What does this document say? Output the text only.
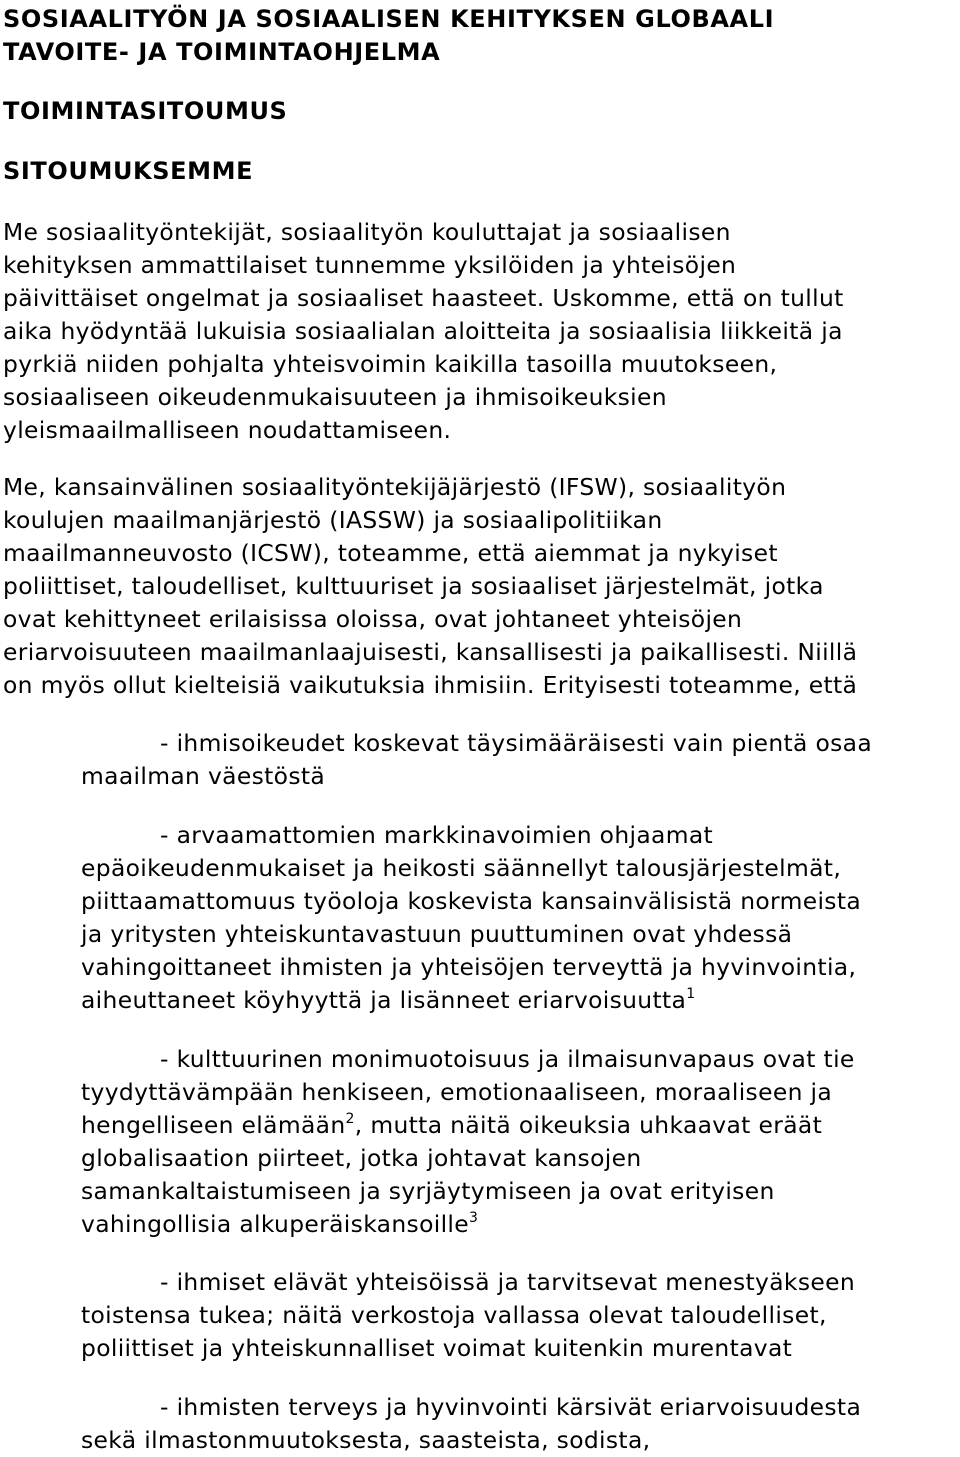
SOSIAALITYÖN JA SOSIAALISEN KEHITYKSEN GLOBAALI
TAVOITE- JA TOIMINTAOHJELMA
TOIMINTASITOUMUS
SITOUMUKSEMME
Me sosiaalityöntekijät, sosiaalityön kouluttajat ja sosiaalisen
kehityksen ammattilaiset tunnemme yksilöiden ja yhteisöjen
päivittäiset ongelmat ja sosiaaliset haasteet. Uskomme, että on tullut
aika hyödyntää lukuisia sosiaalialan aloitteita ja sosiaalisia liikkeitä ja
pyrkiä niiden pohjalta yhteisvoimin kaikilla tasoilla muutokseen,
sosiaaliseen oikeudenmukaisuuteen ja ihmisoikeuksien
yleismaailmalliseen noudattamiseen.
Me, kansainvälinen sosiaalityöntekijäjärjestö (IFSW), sosiaalityön
koulujen maailmanjärjestö (IASSW) ja sosiaalipolitiikan
maailmanneuvosto (ICSW), toteamme, että aiemmat ja nykyiset
poliittiset, taloudelliset, kulttuuriset ja sosiaaliset järjestelmät, jotka
ovat kehittyneet erilaisissa oloissa, ovat johtaneet yhteisöjen
eriarvoisuuteen maailmanlaajuisesti, kansallisesti ja paikallisesti. Niillä
on myös ollut kielteisiä vaikutuksia ihmisiin. Erityisesti toteamme, että
- ihmisoikeudet koskevat täysimääräisesti vain pientä osaa
maailman väestöstä
- arvaamattomien markkinavoimien ohjaamat
epäoikeudenmukaiset ja heikosti säännellyt talousjärjestelmät,
piittaamattomuus työoloja koskevista kansainvälisistä normeista
ja yritysten yhteiskuntavastuun puuttuminen ovat yhdessä
vahingoittaneet ihmisten ja yhteisöjen terveyttä ja hyvinvointia,
aiheuttaneet köyhyyttä ja lisänneet eriarvoisuutta$^1$
- kulttuurinen monimuotoisuus ja ilmaisunvapaus ovat tie
tyydyttävämpään henkiseen, emotionaaliseen, moraaliseen ja
hengelliseen elämään$^2$, mutta näitä oikeuksia uhkaavat eräät
globalisaation piirteet, jotka johtavat kansojen
samankaltaistumiseen ja syrjäytymiseen ja ovat erityisen
vahingollisia alkuperäiskansoille$^3$
- ihmiset elävät yhteisöissä ja tarvitsevat menestyäkseen
toistensa tukea; näitä verkostoja vallassa olevat taloudelliset,
poliittiset ja yhteiskunnalliset voimat kuitenkin murentavat
- ihmisten terveys ja hyvinvointi kärsivät eriarvoisuudesta
sekä ilmastonmuutoksesta, saasteista, sodista,
